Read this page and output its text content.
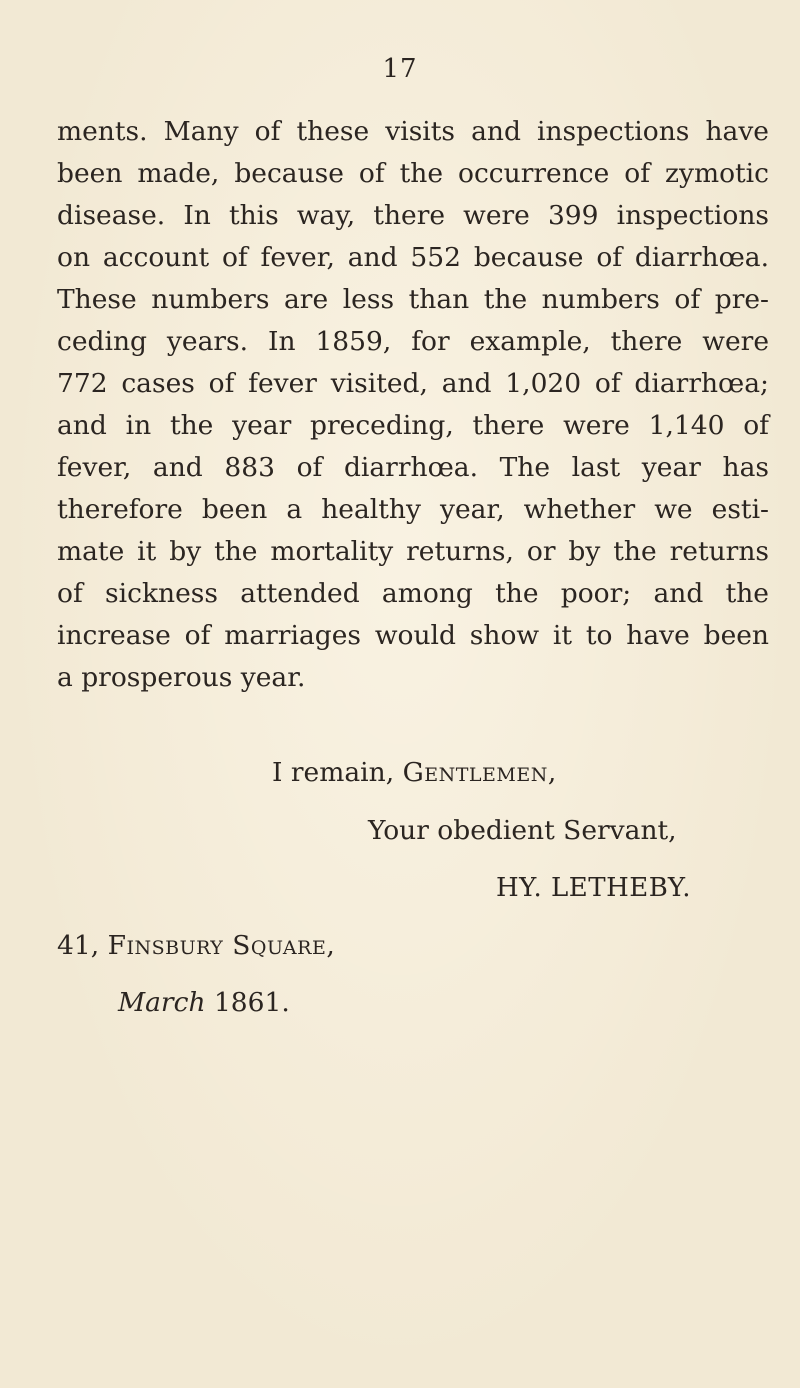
17
ments. Many of these visits and inspections have
been made, because of the occurrence of zymotic
disease. In this way, there were 399 inspections
on account of fever, and 552 because of diarrhœa.
These numbers are less than the numbers of pre-
ceding years. In 1859, for example, there were
772 cases of fever visited, and 1,020 of diarrhœa;
and in the year preceding, there were 1,140 of
fever, and 883 of diarrhœa. The last year has
therefore been a healthy year, whether we esti-
mate it by the mortality returns, or by the returns
of sickness attended among the poor; and the
increase of marriages would show it to have been
a prosperous year.
I remain, Gentlemen,
Your obedient Servant,
HY. LETHEBY.
41, Finsbury Square,
March 1861.
